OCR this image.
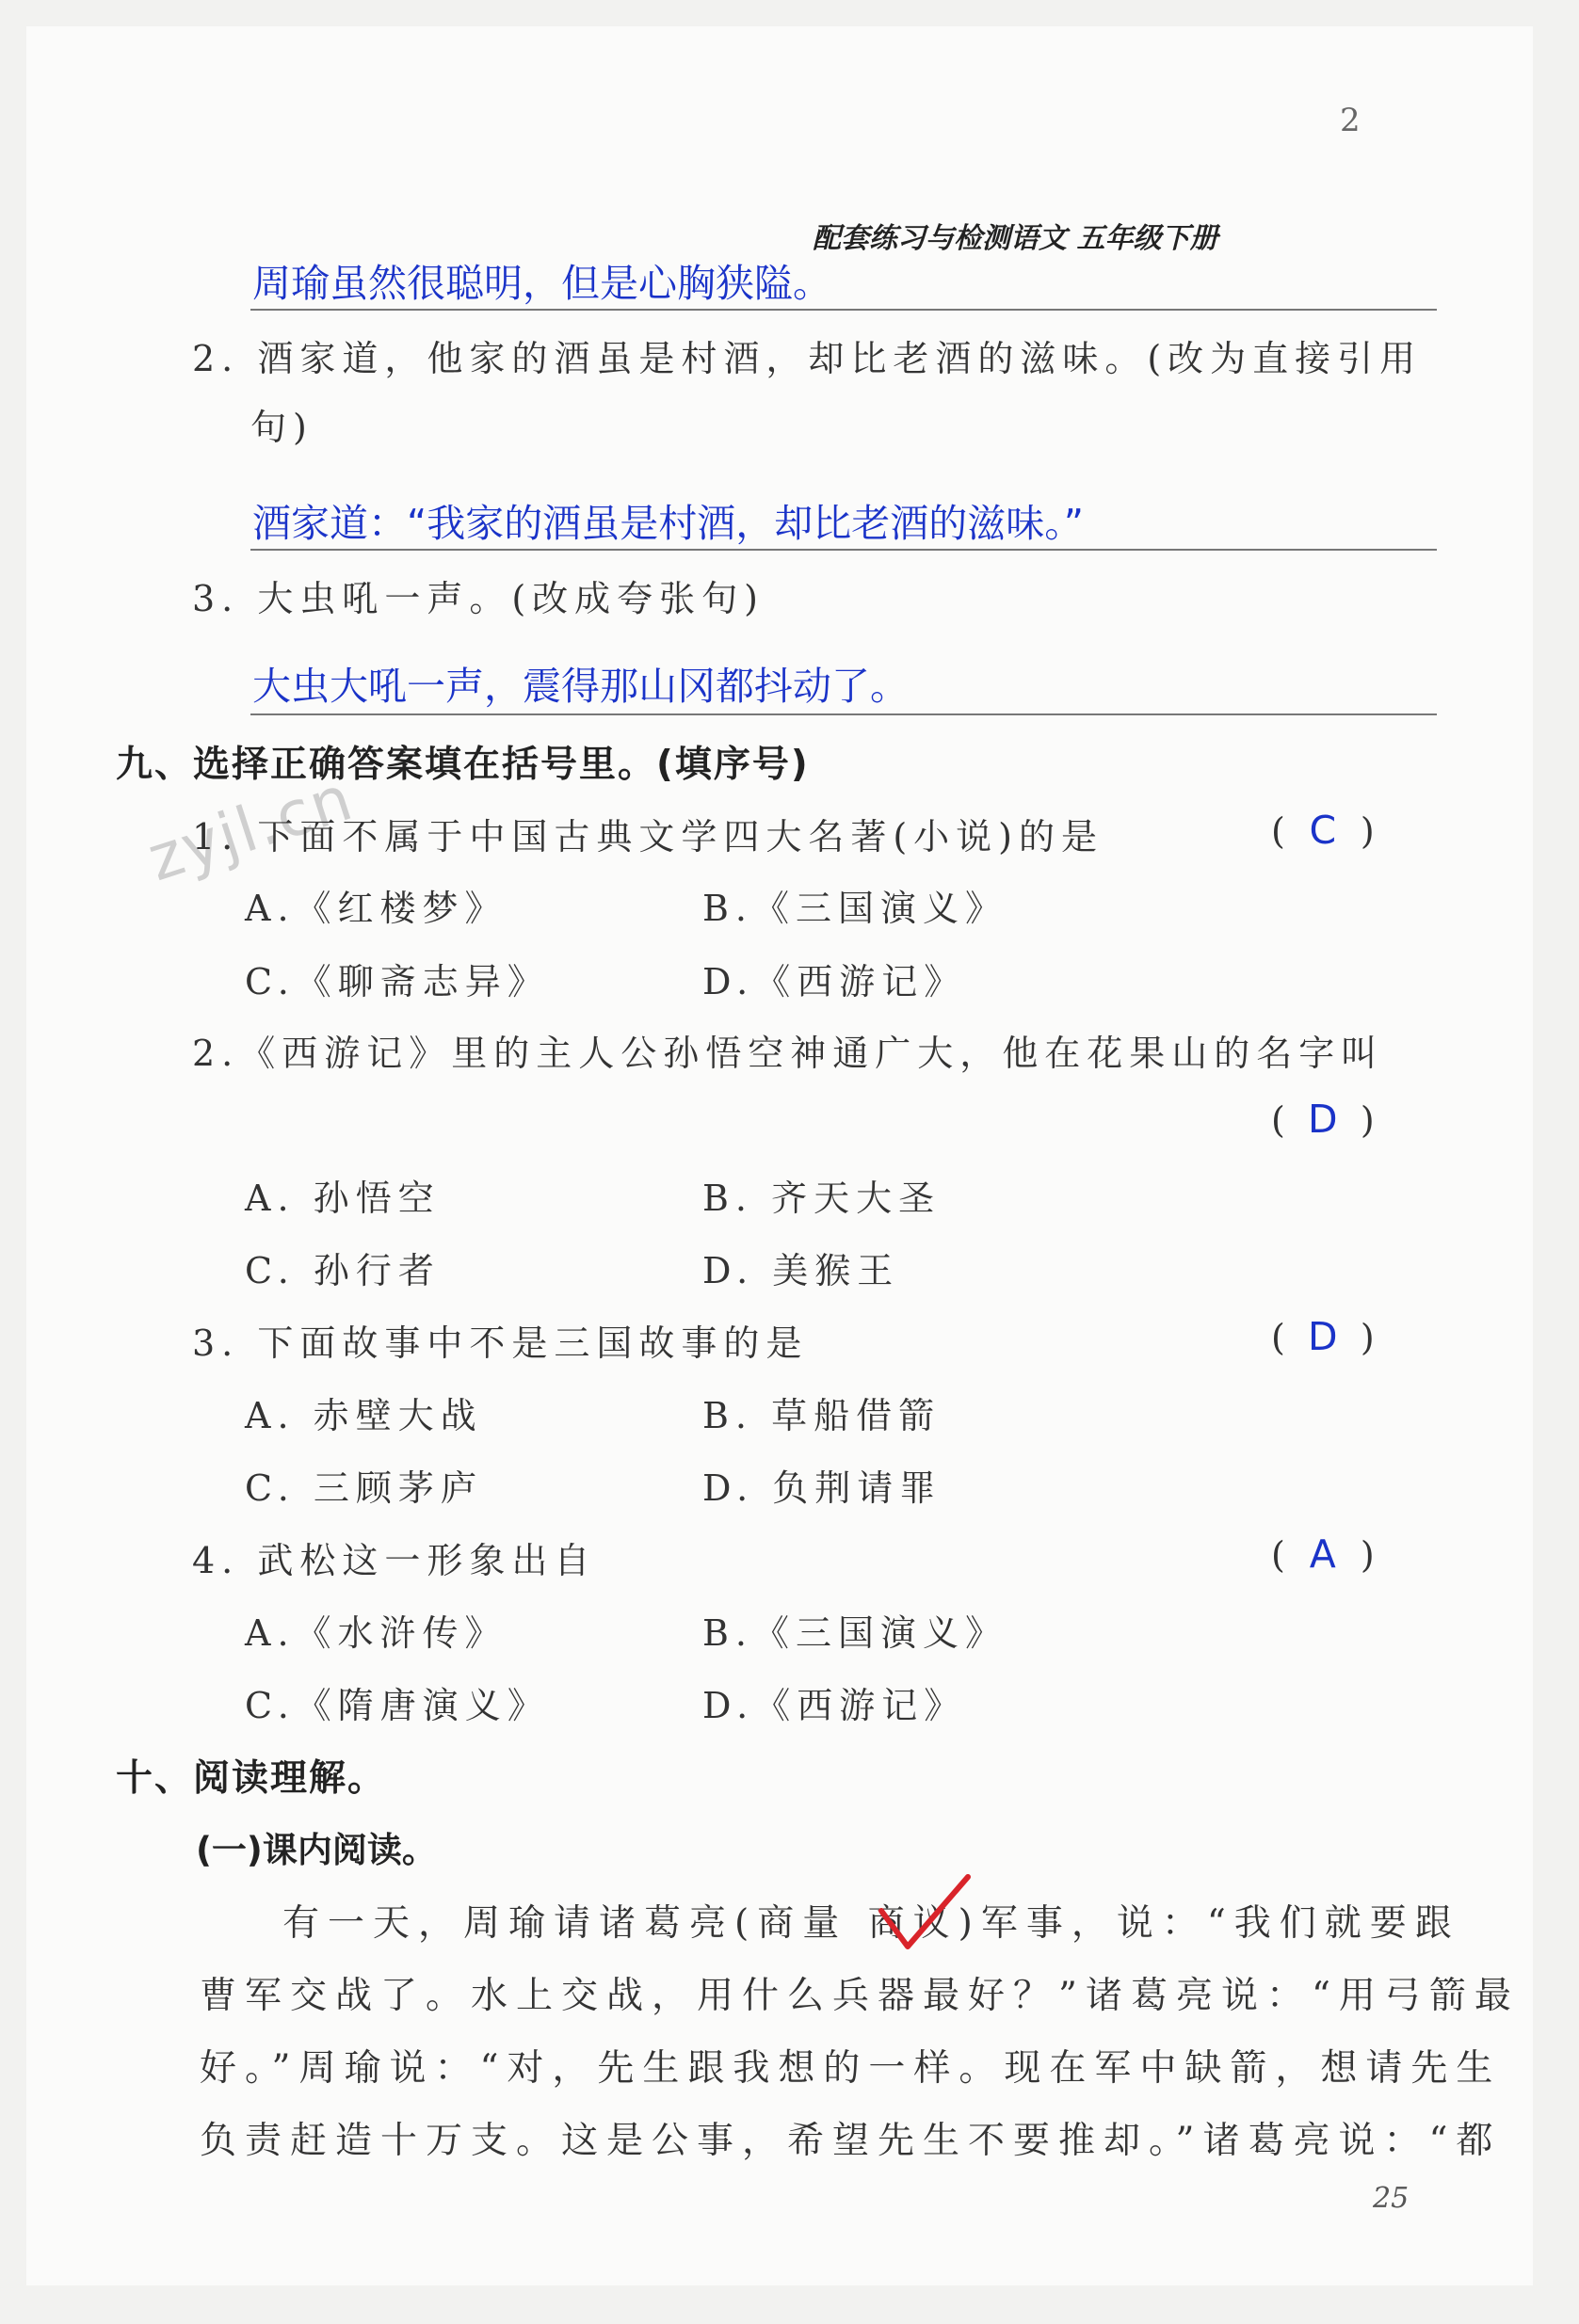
2
配套练习与检测语文 五年级下册
zyjl.cn
周瑜虽然很聪明，但是心胸狭隘。
2. 酒家道，他家的酒虽是村酒，却比老酒的滋味。(改为直接引用
句)
酒家道：“我家的酒虽是村酒，却比老酒的滋味。”
3. 大虫吼一声。(改成夸张句)
大虫大吼一声，震得那山冈都抖动了。
九、选择正确答案填在括号里。(填序号)
1. 下面不属于中国古典文学四大名著(小说)的是	( C )
A.《红楼梦》	B.《三国演义》
C.《聊斋志异》	D.《西游记》
2.《西游记》里的主人公孙悟空神通广大，他在花果山的名字叫
( D )
A. 孙悟空	B. 齐天大圣
C. 孙行者	D. 美猴王
3. 下面故事中不是三国故事的是	( D )
A. 赤壁大战	B. 草船借箭
C. 三顾茅庐	D. 负荆请罪
4. 武松这一形象出自	( A )
A.《水浒传》	B.《三国演义》
C.《隋唐演义》	D.《西游记》
十、阅读理解。
(一)课内阅读。
有一天，周瑜请诸葛亮(商量 商议)军事，说：“我们就要跟
曹军交战了。水上交战，用什么兵器最好？”诸葛亮说：“用弓箭最
好。”周瑜说：“对，先生跟我想的一样。现在军中缺箭，想请先生
负责赶造十万支。这是公事，希望先生不要推却。”诸葛亮说：“都
25
